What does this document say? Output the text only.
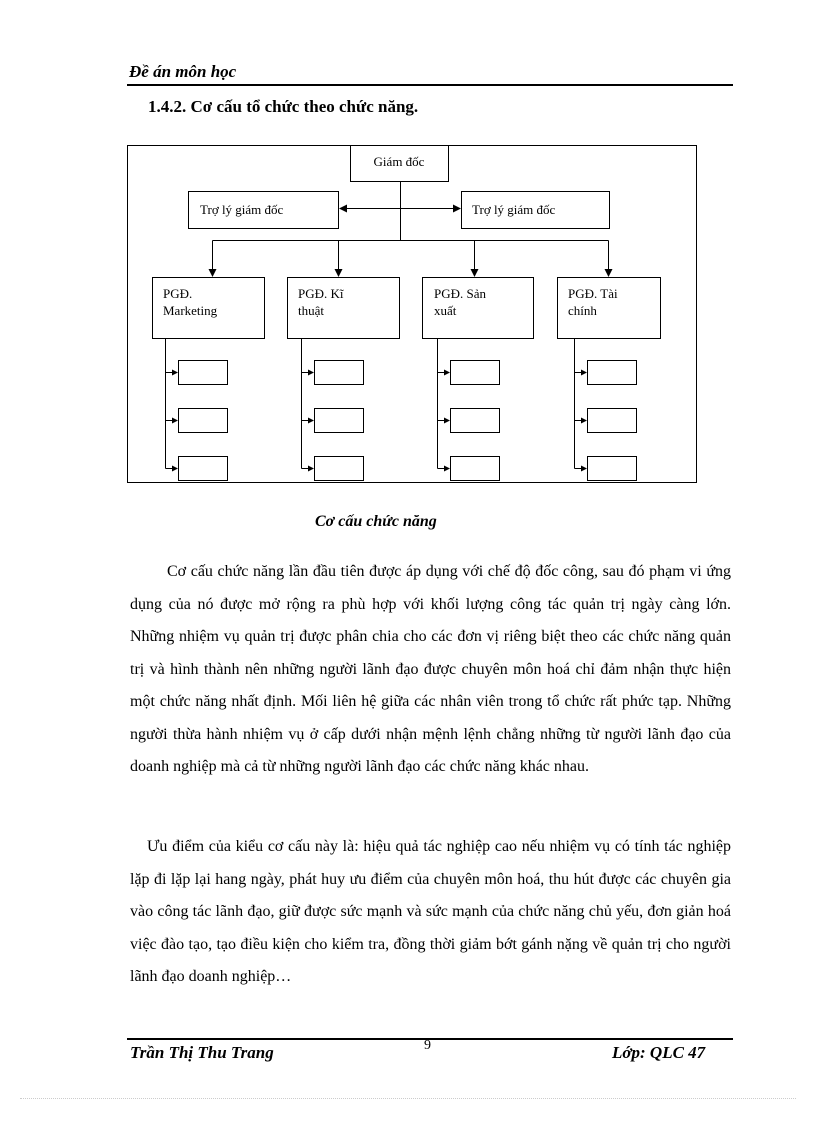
Đề án môn học
1.4.2. Cơ cấu tổ chức theo chức năng.
Giám đốc
Trợ lý giám đốc	Trợ lý giám đốc
PGĐ.
Marketing
PGĐ. Kĩ
thuật
PGĐ. Sản
xuất
PGĐ. Tài
chính
Cơ cấu chức năng

Cơ cấu chức năng lần đầu tiên được áp dụng với chế độ đốc công, sau đó phạm vi ứng dụng của nó được mở rộng ra phù hợp với khối lượng công tác quản trị ngày càng lớn. Những nhiệm vụ quản trị được phân chia cho các đơn vị riêng biệt theo các chức năng quản trị và hình thành nên những người lãnh đạo được chuyên môn hoá chỉ đảm nhận thực hiện một chức năng nhất định. Mối liên hệ giữa các nhân viên trong tổ chức rất phức tạp. Những người thừa hành nhiệm vụ ở cấp dưới nhận mệnh lệnh chẳng những từ người lãnh đạo của doanh nghiệp mà cả từ những người lãnh đạo các chức năng khác nhau.

Ưu điểm của kiểu cơ cấu này là: hiệu quả tác nghiệp cao nếu nhiệm vụ có tính tác nghiệp lặp đi lặp lại hang ngày, phát huy ưu điểm của chuyên môn hoá, thu hút được các chuyên gia vào công tác lãnh đạo, giữ được sức mạnh và sức mạnh của chức năng chủ yếu, đơn giản hoá việc đào tạo, tạo điều kiện cho kiểm tra, đồng thời giảm bớt gánh nặng về quản trị cho người lãnh đạo doanh nghiệp…

Trần Thị Thu Trang	9	Lớp: QLC 47
